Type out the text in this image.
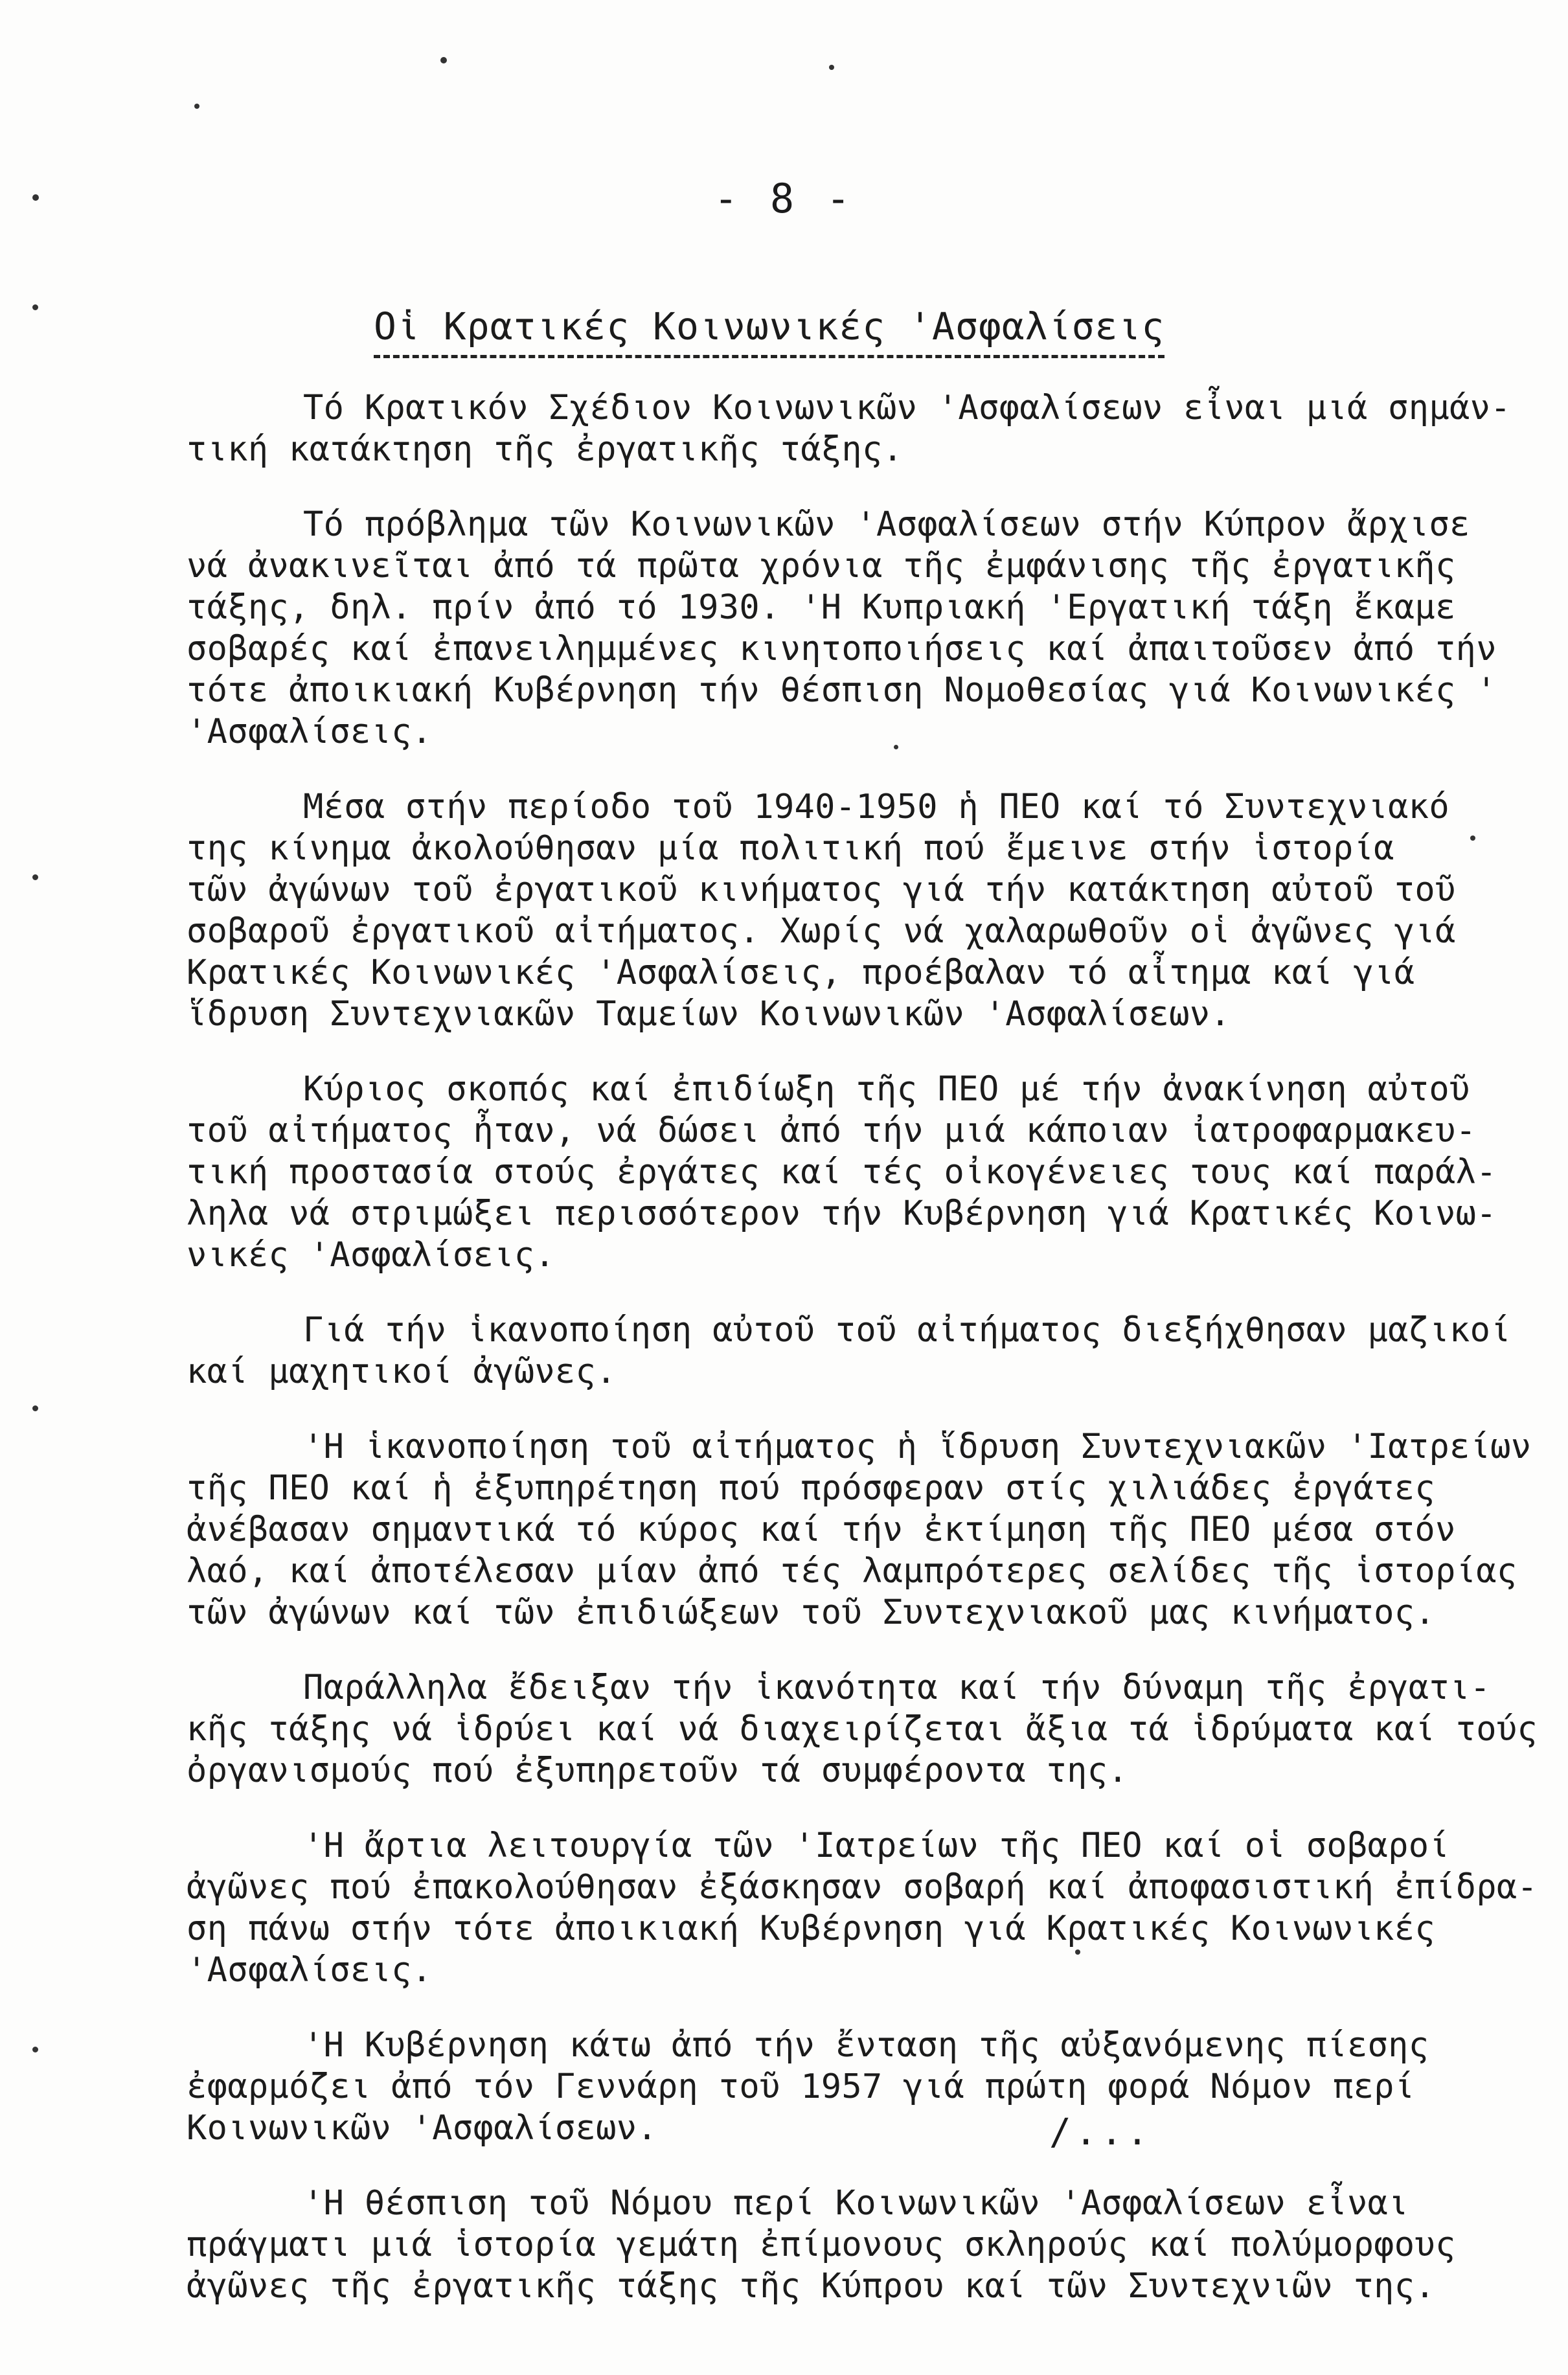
- 8 -
Οἱ Κρατικές Κοινωνικές 'Ασφαλίσεις
Τό Κρατικόν Σχέδιον Κοινωνικῶν 'Ασφαλίσεων εἶναι μιά σημάν-
τική κατάκτηση τῆς ἐργατικῆς τάξης.
Τό πρόβλημα τῶν Κοινωνικῶν 'Ασφαλίσεων στήν Κύπρον ἄρχισε
νά ἀνακινεῖται ἀπό τά πρῶτα χρόνια τῆς ἐμφάνισης τῆς ἐργατικῆς
τάξης, δηλ. πρίν ἀπό τό 1930. 'Η Κυπριακή 'Εργατική τάξη ἔκαμε
σοβαρές καί ἐπανειλημμένες κινητοποιήσεις καί ἀπαιτοῦσεν ἀπό τήν
τότε ἀποικιακή Κυβέρνηση τήν θέσπιση Νομοθεσίας γιά Κοινωνικές '
'Ασφαλίσεις.
Μέσα στήν περίοδο τοῦ 1940-1950 ἡ ΠΕΟ καί τό Συντεχνιακό
της κίνημα ἀκολούθησαν μία πολιτική πού ἔμεινε στήν ἱστορία
τῶν ἀγώνων τοῦ ἐργατικοῦ κινήματος γιά τήν κατάκτηση αὐτοῦ τοῦ
σοβαροῦ ἐργατικοῦ αἰτήματος. Χωρίς νά χαλαρωθοῦν οἱ ἀγῶνες γιά
Κρατικές Κοινωνικές 'Ασφαλίσεις, προέβαλαν τό αἶτημα καί γιά
ἵδρυση Συντεχνιακῶν Ταμείων Κοινωνικῶν 'Ασφαλίσεων.
Κύριος σκοπός καί ἐπιδίωξη τῆς ΠΕΟ μέ τήν ἀνακίνηση αὐτοῦ
τοῦ αἰτήματος ἦταν, νά δώσει ἀπό τήν μιά κάποιαν ἰατροφαρμακευ-
τική προστασία στούς ἐργάτες καί τές οἰκογένειες τους καί παράλ-
ληλα νά στριμώξει περισσότερον τήν Κυβέρνηση γιά Κρατικές Κοινω-
νικές 'Ασφαλίσεις.
Γιά τήν ἱκανοποίηση αὐτοῦ τοῦ αἰτήματος διεξήχθησαν μαζικοί
καί μαχητικοί ἀγῶνες.
'Η ἱκανοποίηση τοῦ αἰτήματος ἡ ἵδρυση Συντεχνιακῶν 'Ιατρείων
τῆς ΠΕΟ καί ἡ ἐξυπηρέτηση πού πρόσφεραν στίς χιλιάδες ἐργάτες
ἀνέβασαν σημαντικά τό κύρος καί τήν ἐκτίμηση τῆς ΠΕΟ μέσα στόν
λαό, καί ἀποτέλεσαν μίαν ἀπό τές λαμπρότερες σελίδες τῆς ἱστορίας
τῶν ἀγώνων καί τῶν ἐπιδιώξεων τοῦ Συντεχνιακοῦ μας κινήματος.
Παράλληλα ἔδειξαν τήν ἱκανότητα καί τήν δύναμη τῆς ἐργατι-
κῆς τάξης νά ἱδρύει καί νά διαχειρίζεται ἄξια τά ἱδρύματα καί τούς
ὀργανισμούς πού ἐξυπηρετοῦν τά συμφέροντα της.
'Η ἄρτια λειτουργία τῶν 'Ιατρείων τῆς ΠΕΟ καί οἱ σοβαροί
ἀγῶνες πού ἐπακολούθησαν ἐξάσκησαν σοβαρή καί ἀποφασιστική ἐπίδρα-
ση πάνω στήν τότε ἀποικιακή Κυβέρνηση γιά Κρατικές Κοινωνικές
'Ασφαλίσεις.
'Η Κυβέρνηση κάτω ἀπό τήν ἔνταση τῆς αὐξανόμενης πίεσης
ἐφαρμόζει ἀπό τόν Γεννάρη τοῦ 1957 γιά πρώτη φορά Νόμον περί
Κοινωνικῶν 'Ασφαλίσεων.
'Η θέσπιση τοῦ Νόμου περί Κοινωνικῶν 'Ασφαλίσεων εἶναι
πράγματι μιά ἱστορία γεμάτη ἐπίμονους σκληρούς καί πολύμορφους
ἀγῶνες τῆς ἐργατικῆς τάξης τῆς Κύπρου καί τῶν Συντεχνιῶν της.
/...
